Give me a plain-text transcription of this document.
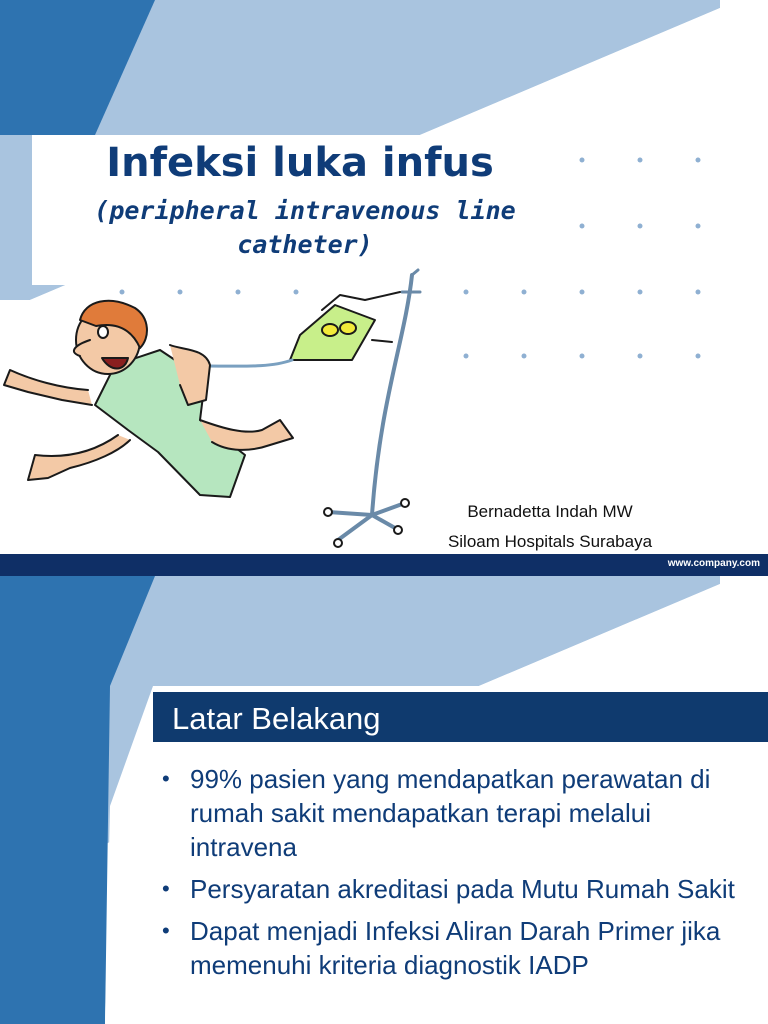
Infeksi luka infus
(peripheral intravenous line
catheter)
Bernadetta Indah MW
Siloam Hospitals Surabaya
www.company.com
Latar Belakang
• 99% pasien yang mendapatkan perawatan di rumah sakit mendapatkan terapi melalui intravena
• Persyaratan akreditasi pada Mutu Rumah Sakit
• Dapat menjadi Infeksi Aliran Darah Primer jika memenuhi kriteria diagnostik IADP
